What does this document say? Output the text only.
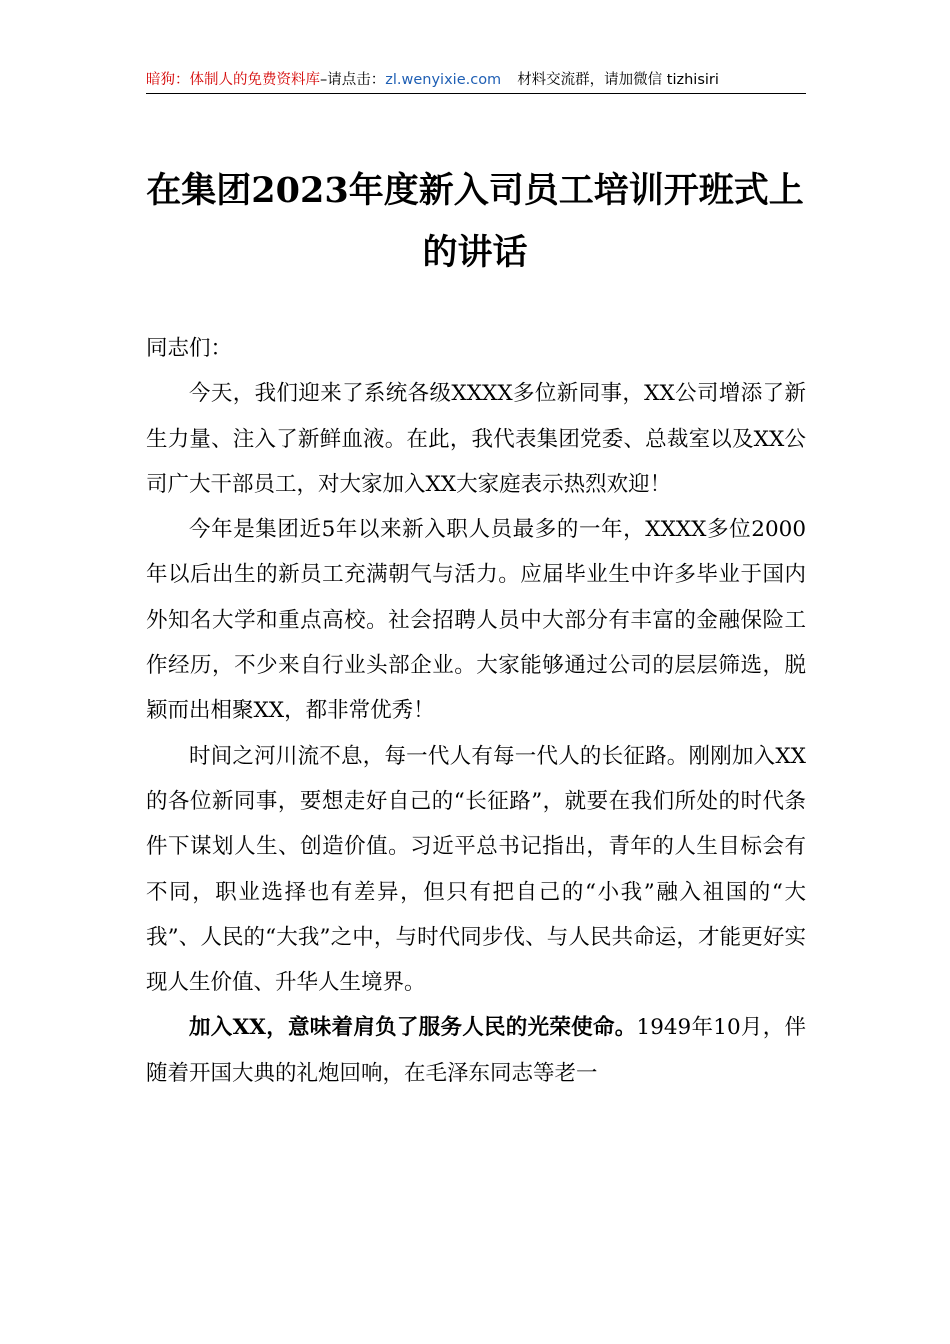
暗狗：体制人的免费资料库–请点击：zl.wenyixie.com 材料交流群，请加微信 tizhisiri
在集团2023年度新入司员工培训开班式上的讲话

同志们：

今天，我们迎来了系统各级XXXX多位新同事，XX公司增添了新生力量、注入了新鲜血液。在此，我代表集团党委、总裁室以及XX公司广大干部员工，对大家加入XX大家庭表示热烈欢迎！

今年是集团近5年以来新入职人员最多的一年，XXXX多位2000年以后出生的新员工充满朝气与活力。应届毕业生中许多毕业于国内外知名大学和重点高校。社会招聘人员中大部分有丰富的金融保险工作经历，不少来自行业头部企业。大家能够通过公司的层层筛选，脱颖而出相聚XX，都非常优秀！

时间之河川流不息，每一代人有每一代人的长征路。刚刚加入XX的各位新同事，要想走好自己的“长征路”，就要在我们所处的时代条件下谋划人生、创造价值。习近平总书记指出，青年的人生目标会有不同，职业选择也有差异，但只有把自己的“小我”融入祖国的“大我”、人民的“大我”之中，与时代同步伐、与人民共命运，才能更好实现人生价值、升华人生境界。

加入XX，意味着肩负了服务人民的光荣使命。1949年10月，伴随着开国大典的礼炮回响，在毛泽东同志等老一
